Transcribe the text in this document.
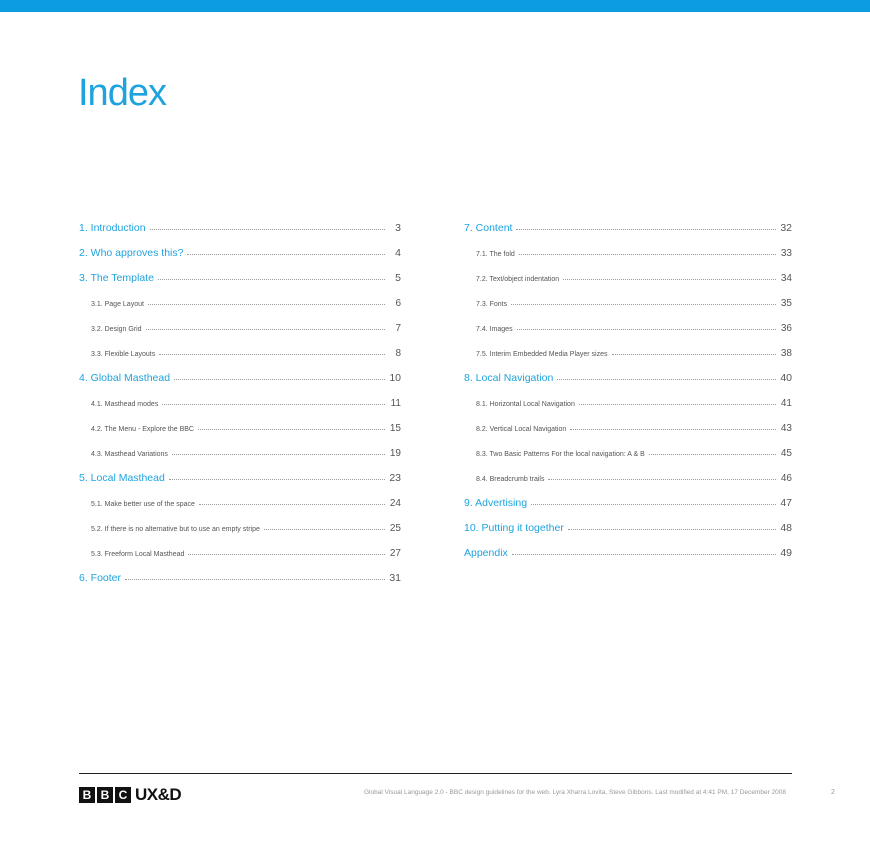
Index
1. Introduction	3
2. Who approves this?	4
3. The Template	5
3.1. Page Layout	6
3.2. Design Grid	7
3.3. Flexible Layouts	8
4. Global Masthead	10
4.1. Masthead modes	11
4.2. The Menu - Explore the BBC	15
4.3. Masthead Variations	19
5. Local Masthead	23
5.1. Make better use of the space	24
5.2. If there is no alternative but to use an empty stripe	25
5.3. Freeform Local Masthead	27
6. Footer	31
7. Content	32
7.1. The fold	33
7.2. Text/object indentation	34
7.3. Fonts	35
7.4. Images	36
7.5. Interim Embedded Media Player sizes	38
8. Local Navigation	40
8.1. Horizontal Local Navigation	41
8.2. Vertical Local Navigation	43
8.3. Two Basic Patterns For the local navigation: A & B	45
8.4. Breadcrumb trails	46
9. Advertising	47
10. Putting it together	48
Appendix	49
B B C UX&D	Global Visual Language 2.0 - BBC design guidelines for the web. Lyra Xharra Lovita, Steve Gibbons. Last modified at 4:41 PM, 17 December 2008	2
